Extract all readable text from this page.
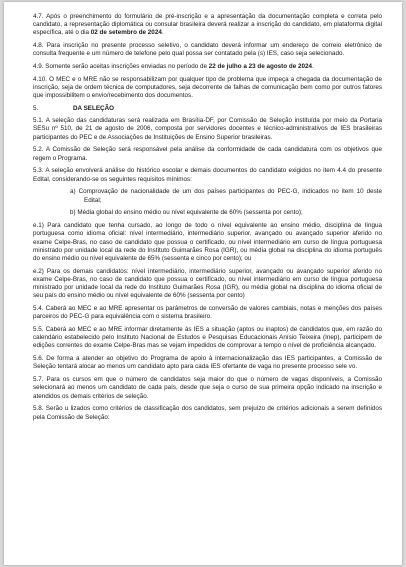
4.7. Após o preenchimento do formulário de pré-inscrição e a apresentação da documentação completa e correta pelo candidato, a representação diplomática ou consular brasileira deverá realizar a inscrição do candidato, em plataforma digital específica, até o dia 02 de setembro de 2024.

4.8. Para inscrição no presente processo seletivo, o candidato deverá informar um endereço de correio eletrônico de consulta frequente e um número de telefone pelo qual possa ser contatado pela (s) IES, caso seja selecionado.

4.9. Somente serão aceitas inscrições enviadas no período de 22 de julho a 23 de agosto de 2024.

4.10. O MEC e o MRE não se responsabilizam por qualquer tipo de problema que impeça a chegada da documentação de inscrição, seja de ordem técnica de computadores, seja decorrente de falhas de comunicação bem como por outros fatores que impossibilitem o envio/recebimento dos documentos.

5.	DA SELEÇÃO

5.1. A seleção das candidaturas será realizada em Brasília-DF, por Comissão de Seleção instituída por meio da Portaria SESu nº 510, de 21 de agosto de 2006, composta por servidores docentes e técnico-administrativos de IES brasileiras participantes do PEC e de Associações de Instituições de Ensino Superior brasileiras.

5.2. A Comissão de Seleção será responsável pela análise da conformidade de cada candidatura com os objetivos que regem o Programa.

5.3. A seleção envolverá análise do histórico escolar e demais documentos do candidato exigidos no item 4.4 do presente Edital, considerando-se os seguintes requisitos mínimos:

a) Comprovação de nacionalidade de um dos países participantes do PEC-G, indicados no item 10 deste Edital;

b) Média global do ensino médio ou nível equivalente de 60% (sessenta por cento);

e.1) Para candidato que tenha cursado, ao longo de todo o nível equivalente ao ensino médio, disciplina de língua portuguesa como idioma oficial: nível intermediário, intermediário superior, avançado ou avançado superior aferido no exame Celpe-Bras, no caso de candidato que possua o certificado, ou nível intermediário em curso de língua portuguesa ministrado por unidade local da rede do Instituto Guimarães Rosa (IGR), ou média global na disciplina do idioma português do ensino médio ou nível equivalente de 65% (sessenta e cinco por cento); ou

e.2) Para os demais candidatos: nível intermediário, intermediário superior, avançado ou avançado superior aferido no exame Celpe-Bras, no caso de candidato que possua o certificado, ou nível intermediário em curso de língua portuguesa ministrado por unidade local da rede do Instituto Guimarães Rosa (IGR), ou média global na disciplina do idioma oficial de seu país do ensino médio ou nível equivalente de 60% (sessenta por cento)

5.4. Caberá ao MEC e ao MRE apresentar os parâmetros de conversão de valores cambiais, notas e menções dos países parceiros do PEC-G para equivalência com o sistema brasileiro.

5.5. Caberá ao MEC e ao MRE informar diretamente às IES a situação (aptos ou inaptos) de candidatos que, em razão do calendário estabelecido pelo Instituto Nacional de Estudos e Pesquisas Educacionais Anísio Teixeira (Inep), participem de edições correntes do exame Celpe-Bras mas se vejam impedidos de comprovar a tempo o nível de proficiência alcançado.

5.6. De forma a atender ao objetivo do Programa de apoio à internacionalização das IES participantes, a Comissão de Seleção tentará alocar ao menos um candidato apto para cada IES ofertante de vaga no presente processo sele vo.

5.7. Para os cursos em que o número de candidatos seja maior do que o número de vagas disponíveis, a Comissão selecionará ao menos um candidato de cada país, desde que seja o curso de sua primeira opção indicado na inscrição e atendidos os demais critérios de seleção.

5.8. Serão u lizados como critérios de classificação dos candidatos, sem prejuízo de critérios adicionais a serem definidos pela Comissão de Seleção:
